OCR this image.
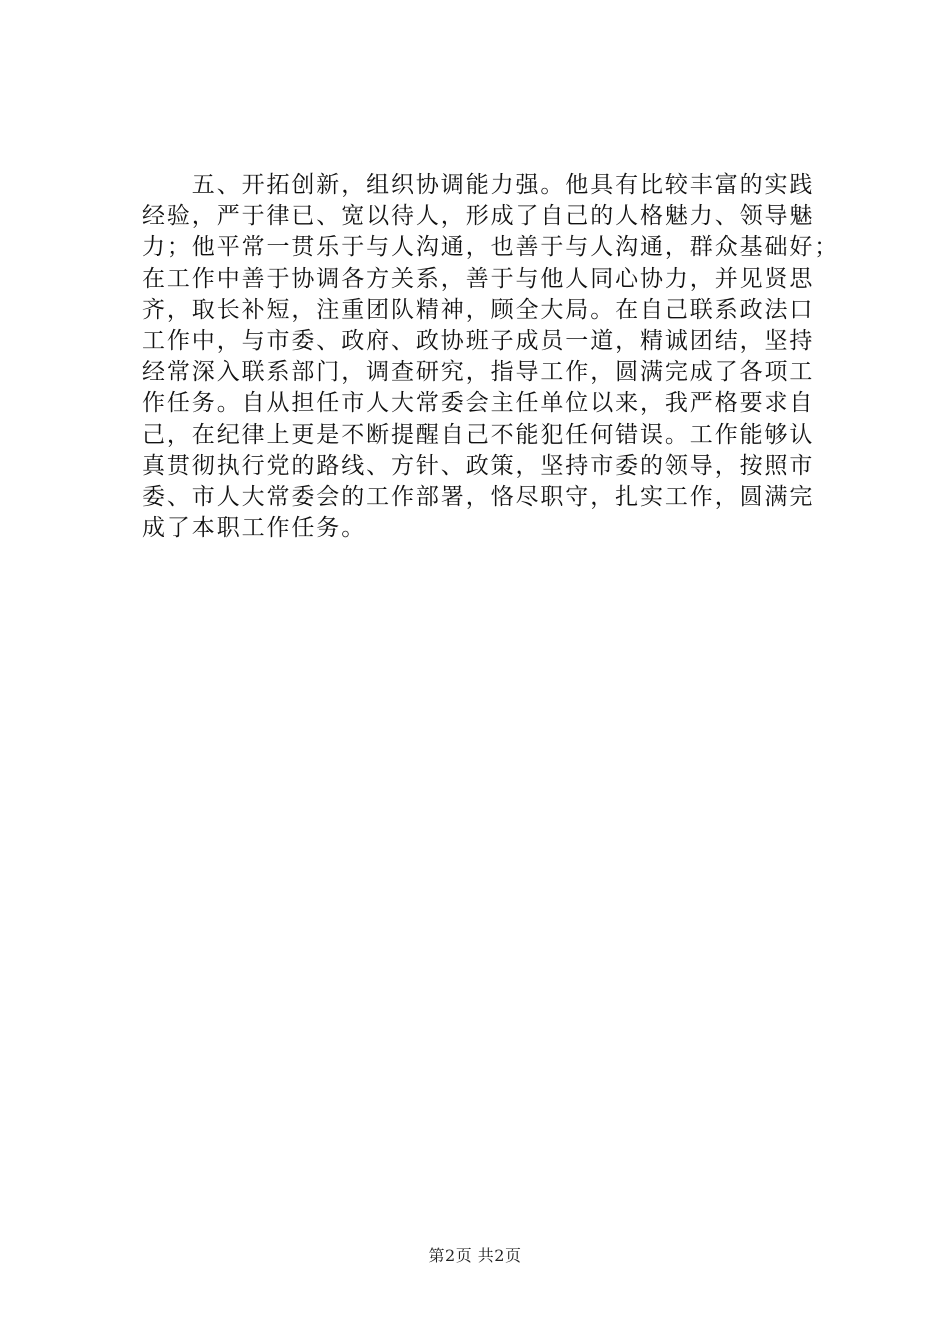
　　五、开拓创新，组织协调能力强。他具有比较丰富的实践
经验，严于律已、宽以待人，形成了自己的人格魅力、领导魅
力；他平常一贯乐于与人沟通，也善于与人沟通，群众基础好；
在工作中善于协调各方关系，善于与他人同心协力，并见贤思
齐，取长补短，注重团队精神，顾全大局。在自己联系政法口
工作中，与市委、政府、政协班子成员一道，精诚团结，坚持
经常深入联系部门，调查研究，指导工作，圆满完成了各项工
作任务。自从担任市人大常委会主任单位以来，我严格要求自
己，在纪律上更是不断提醒自己不能犯任何错误。工作能够认
真贯彻执行党的路线、方针、政策，坚持市委的领导，按照市
委、市人大常委会的工作部署，恪尽职守，扎实工作，圆满完
成了本职工作任务。

第2页 共2页
